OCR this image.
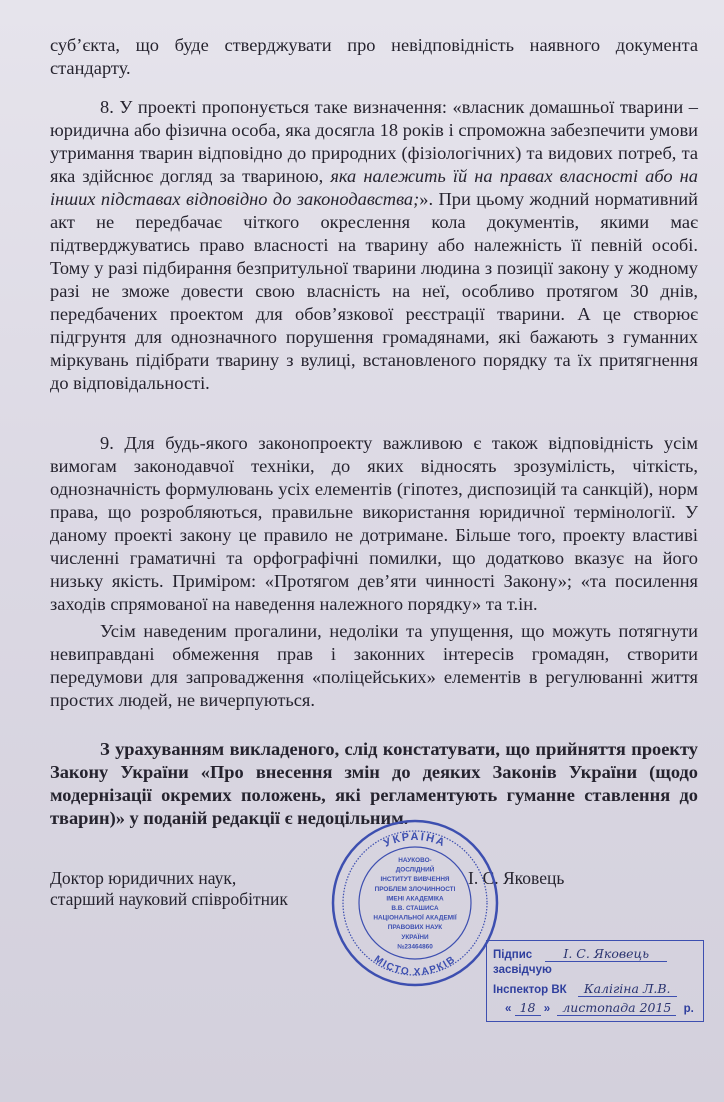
суб’єкта, що буде стверджувати про невідповідність наявного документа стандарту.

8. У проекті пропонується таке визначення: «власник домашньої тварини – юридична або фізична особа, яка досягла 18 років і спроможна забезпечити умови утримання тварин відповідно до природних (фізіологічних) та видових потреб, та яка здійснює догляд за твариною, яка належить їй на правах власності або на інших підставах відповідно до законодавства;». При цьому жодний нормативний акт не передбачає чіткого окреслення кола документів, якими має підтверджуватись право власності на тварину або належність її певній особі. Тому у разі підбирання безпритульної тварини людина з позиції закону у жодному разі не зможе довести свою власність на неї, особливо протягом 30 днів, передбачених проектом для обов’язкової реєстрації тварини. А це створює підгрунтя для однозначного порушення громадянами, які бажають з гуманних міркувань підібрати тварину з вулиці, встановленого порядку та їх притягнення до відповідальності.

9. Для будь-якого законопроекту важливою є також відповідність усім вимогам законодавчої техніки, до яких відносять зрозумілість, чіткість, однозначність формулювань усіх елементів (гіпотез, диспозицій та санкцій), норм права, що розробляються, правильне використання юридичної термінології. У даному проекті закону це правило не дотримане. Більше того, проекту властиві численні граматичні та орфографічні помилки, що додатково вказує на його низьку якість. Приміром: «Протягом дев’яти чинності Закону»; «та посилення заходів спрямованої на наведення належного порядку» та т.ін.

Усім наведеним прогалини, недоліки та упущення, що можуть потягнути невиправдані обмеження прав і законних інтересів громадян, створити передумови для запровадження «поліцейських» елементів в регулюванні життя простих людей, не вичерпуються.

З урахуванням викладеного, слід констатувати, що прийняття проекту Закону України «Про внесення змін до деяких Законів України (щодо модернізації окремих положень, які регламентують гуманне ставлення до тварин)» у поданій редакції є недоцільним.

Доктор юридичних наук,
старший науковий співробітник
І. С. Яковець
УКРАЇНА
МІСТО ХАРКІВ
НАУКОВО-
ДОСЛІДНИЙ
ІНСТИТУТ ВИВЧЕННЯ
ПРОБЛЕМ ЗЛОЧИННОСТІ
ІМЕНІ АКАДЕМІКА
В.В. СТАШИСА
НАЦІОНАЛЬНОЇ АКАДЕМІЇ
ПРАВОВИХ НАУК
УКРАЇНИ
№23464860
Підпис І. С. Яковець
засвідчую
Інспектор ВК Калігіна Л.В.
« 18 » листопада 2015 р.
